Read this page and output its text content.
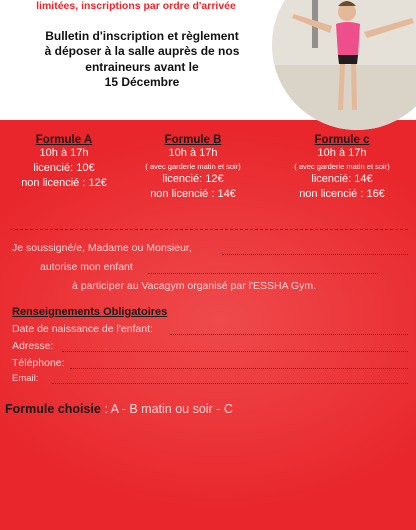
limitées, inscriptions par ordre d'arrivée
Bulletin d'inscription et règlement
à déposer à la salle auprès de nos
entraineurs avant le
15 Décembre
Formule A
10h à 17h
licencié: 10€
non licencié : 12€
Formule B
10h à 17h
( avec garderie matin et soir)
licencié: 12€
non licencié : 14€
Formule c
10h à 17h
( avec garderie matin et soir)
licencié: 14€
non licencié : 16€
Je soussigné/e, Madame ou Monsieur,
autorise mon enfant
à participer au Vacagym organisé par l'ESSHA Gym.
Renseignements Obligatoires
Date de naissance de l'enfant:
Adresse:
Téléphone:
Email:
Formule choisie : A - B matin ou soir - C
